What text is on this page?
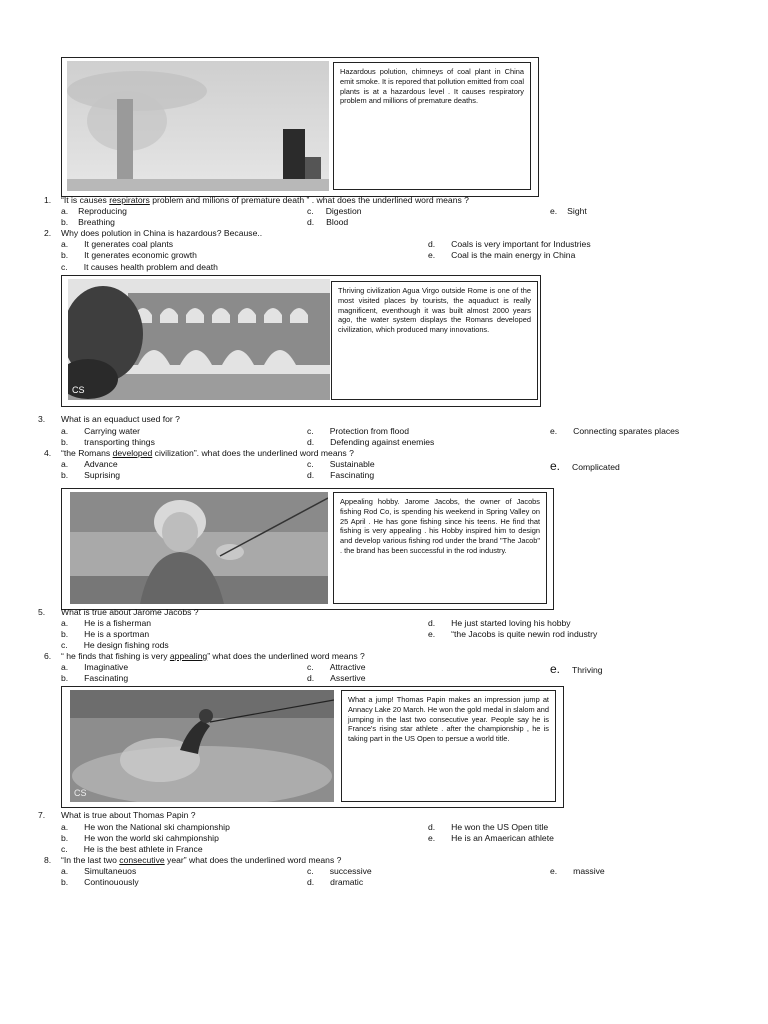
Hazardous polution, chimneys of coal plant in China emit smoke. It is repored that pollution emitted from coal plants is at a hazardous level . It causes respiratory problem and millions of premature deaths.
1. “It is causes respirators problem and milions of premature death ” . what does the underlined word means ?
a. Reproducing
b. Breathing
c. Digestion
d. Blood
e. Sight
2. Why does polution in China is hazardous? Because..
a. It generates coal plants
b. It generates economic growth
c. It causes health problem and death
d. Coals is very important for Industries
e. Coal is the main energy in China
CS
Thriving civilization Agua Virgo outside Rome is one of the most visited places by tourists, the aquaduct is really magnificent, eventhough it was built almost 2000 years ago, the water system displays the Romans developed civilization, which produced many innovations.
3. What is an equaduct used for ?
a. Carrying water
b. transporting things
c. Protection from flood
d. Defending against enemies
e. Connecting sparates places
4. “the Romans developed civilization”. what does the underlined word means ?
a. Advance
b. Suprising
c. Sustainable
d. Fascinating
e. Complicated
Appealing hobby. Jarome Jacobs, the owner of Jacobs fishing Rod Co, is spending his weekend in Spring Valley on 25 April . He has gone fishing since his teens. He find that fishing is very appealing . his Hobby inspired him to design and develop various fishing rod under the brand "The Jacob" . the brand has been successful in the rod industry.
5. What is true about Jarome Jacobs ?
a. He is a fisherman
b. He is a sportman
c. He design fishing rods
d. He just started loving his hobby
e. “the Jacobs is quite newin rod industry
6. “ he finds that fishing is very appealing” what does the underlined word means ?
a. Imaginative
b. Fascinating
c. Attractive
d. Assertive
e. Thriving
CS
What a jump! Thomas Papin makes an impression jump at Annacy Lake 20 March. He won the gold medal in slalom and jumping in the last two consecutive year. People say he is France's rising star athlete . after the championship , he is taking part in the US Open to persue a world title.
7. What is true about Thomas Papin ?
a. He won the National ski championship
b. He won the world ski cahmpionship
c. He is the best athlete in France
d. He won the US Open title
e. He is an Amaerican athlete
8. “In the last two consecutive year” what does the underlined word means ?
a. Simultaneuos
b. Continouously
c. successive
d. dramatic
e. massive
